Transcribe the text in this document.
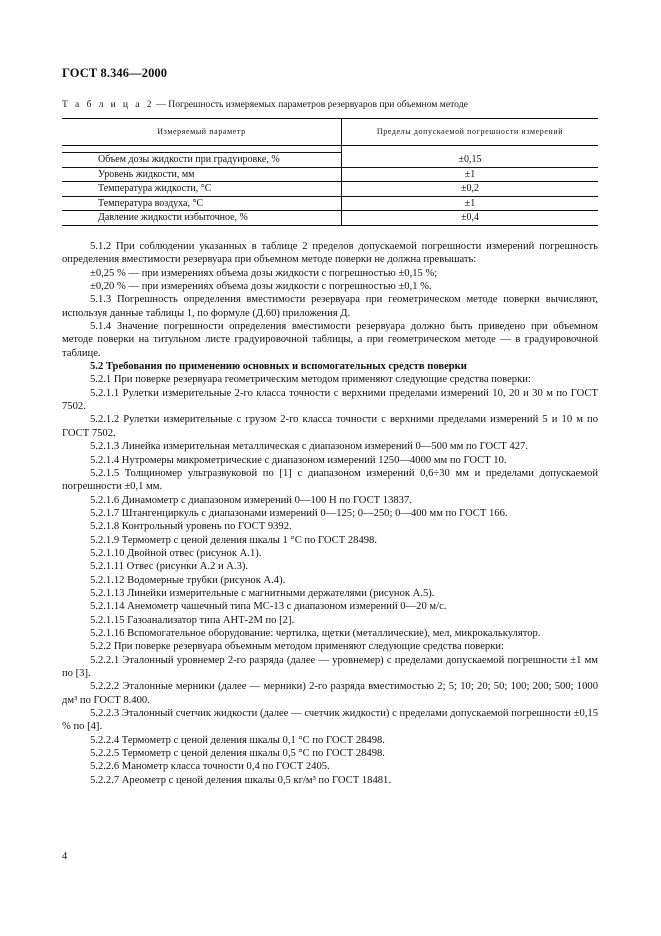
ГОСТ 8.346—2000
Т а б л и ц а 2 — Погрешность измеряемых параметров резервуаров при объемном методе
Измеряемый параметр	Пределы допускаемой погрешности измерений

Объем дозы жидкости при градуировке, %	±0,15
Уровень жидкости, мм	±1
Температура жидкости, °С	±0,2
Температура воздуха, °С	±1
Давление жидкости избыточное, %	±0,4

5.1.2 При соблюдении указанных в таблице 2 пределов допускаемой погрешности измерений погрешность определения вместимости резервуара при объемном методе поверки не должна превышать:

±0,25 % — при измерениях объема дозы жидкости с погрешностью ±0,15 %;

±0,20 % — при измерениях объема дозы жидкости с погрешностью ±0,1 %.

5.1.3 Погрешность определения вместимости резервуара при геометрическом методе поверки вычисляют, используя данные таблицы 1, по формуле (Д.60) приложения Д.

5.1.4 Значение погрешности определения вместимости резервуара должно быть приведено при объемном методе поверки на титульном листе градуировочной таблицы, а при геометрическом методе — в градуировочной таблице.

5.2 Требования по применению основных и вспомогательных средств поверки

5.2.1 При поверке резервуара геометрическим методом применяют следующие средства поверки:

5.2.1.1 Рулетки измерительные 2-го класса точности с верхними пределами измерений 10, 20 и 30 м по ГОСТ 7502.

5.2.1.2 Рулетки измерительные с грузом 2-го класса точности с верхними пределами измерений 5 и 10 м по ГОСТ 7502.

5.2.1.3 Линейка измерительная металлическая с диапазоном измерений 0—500 мм по ГОСТ 427.

5.2.1.4 Нутромеры микрометрические с диапазоном измерений 1250—4000 мм по ГОСТ 10.

5.2.1.5 Толщиномер ультразвуковой по [1] с диапазоном измерений 0,6÷30 мм и пределами допускаемой погрешности ±0,1 мм.

5.2.1.6 Динамометр с диапазоном измерений 0—100 Н по ГОСТ 13837.

5.2.1.7 Штангенциркуль с диапазонами измерений 0—125; 0—250; 0—400 мм по ГОСТ 166.

5.2.1.8 Контрольный уровень по ГОСТ 9392.

5.2.1.9 Термометр с ценой деления шкалы 1 °С по ГОСТ 28498.

5.2.1.10 Двойной отвес (рисунок А.1).

5.2.1.11 Отвес (рисунки А.2 и А.3).

5.2.1.12 Водомерные трубки (рисунок А.4).

5.2.1.13 Линейки измерительные с магнитными держателями (рисунок А.5).

5.2.1.14 Анемометр чашечный типа МС-13 с диапазоном измерений 0—20 м/с.

5.2.1.15 Газоанализатор типа АНТ-2М по [2].

5.2.1.16 Вспомогательное оборудование: чертилка, щетки (металлические), мел, микрокалькулятор.

5.2.2 При поверке резервуара объемным методом применяют следующие средства поверки:

5.2.2.1 Эталонный уровнемер 2-го разряда (далее — уровнемер) с пределами допускаемой погрешности ±1 мм по [3].

5.2.2.2 Эталонные мерники (далее — мерники) 2-го разряда вместимостью 2; 5; 10; 20; 50; 100; 200; 500; 1000 дм³ по ГОСТ 8.400.

5.2.2.3 Эталонный счетчик жидкости (далее — счетчик жидкости) с пределами допускаемой погрешности ±0,15 % по [4].

5.2.2.4 Термометр с ценой деления шкалы 0,1 °С по ГОСТ 28498.

5.2.2.5 Термометр с ценой деления шкалы 0,5 °С по ГОСТ 28498.

5.2.2.6 Манометр класса точности 0,4 по ГОСТ 2405.

5.2.2.7 Ареометр с ценой деления шкалы 0,5 кг/м³ по ГОСТ 18481.

4
